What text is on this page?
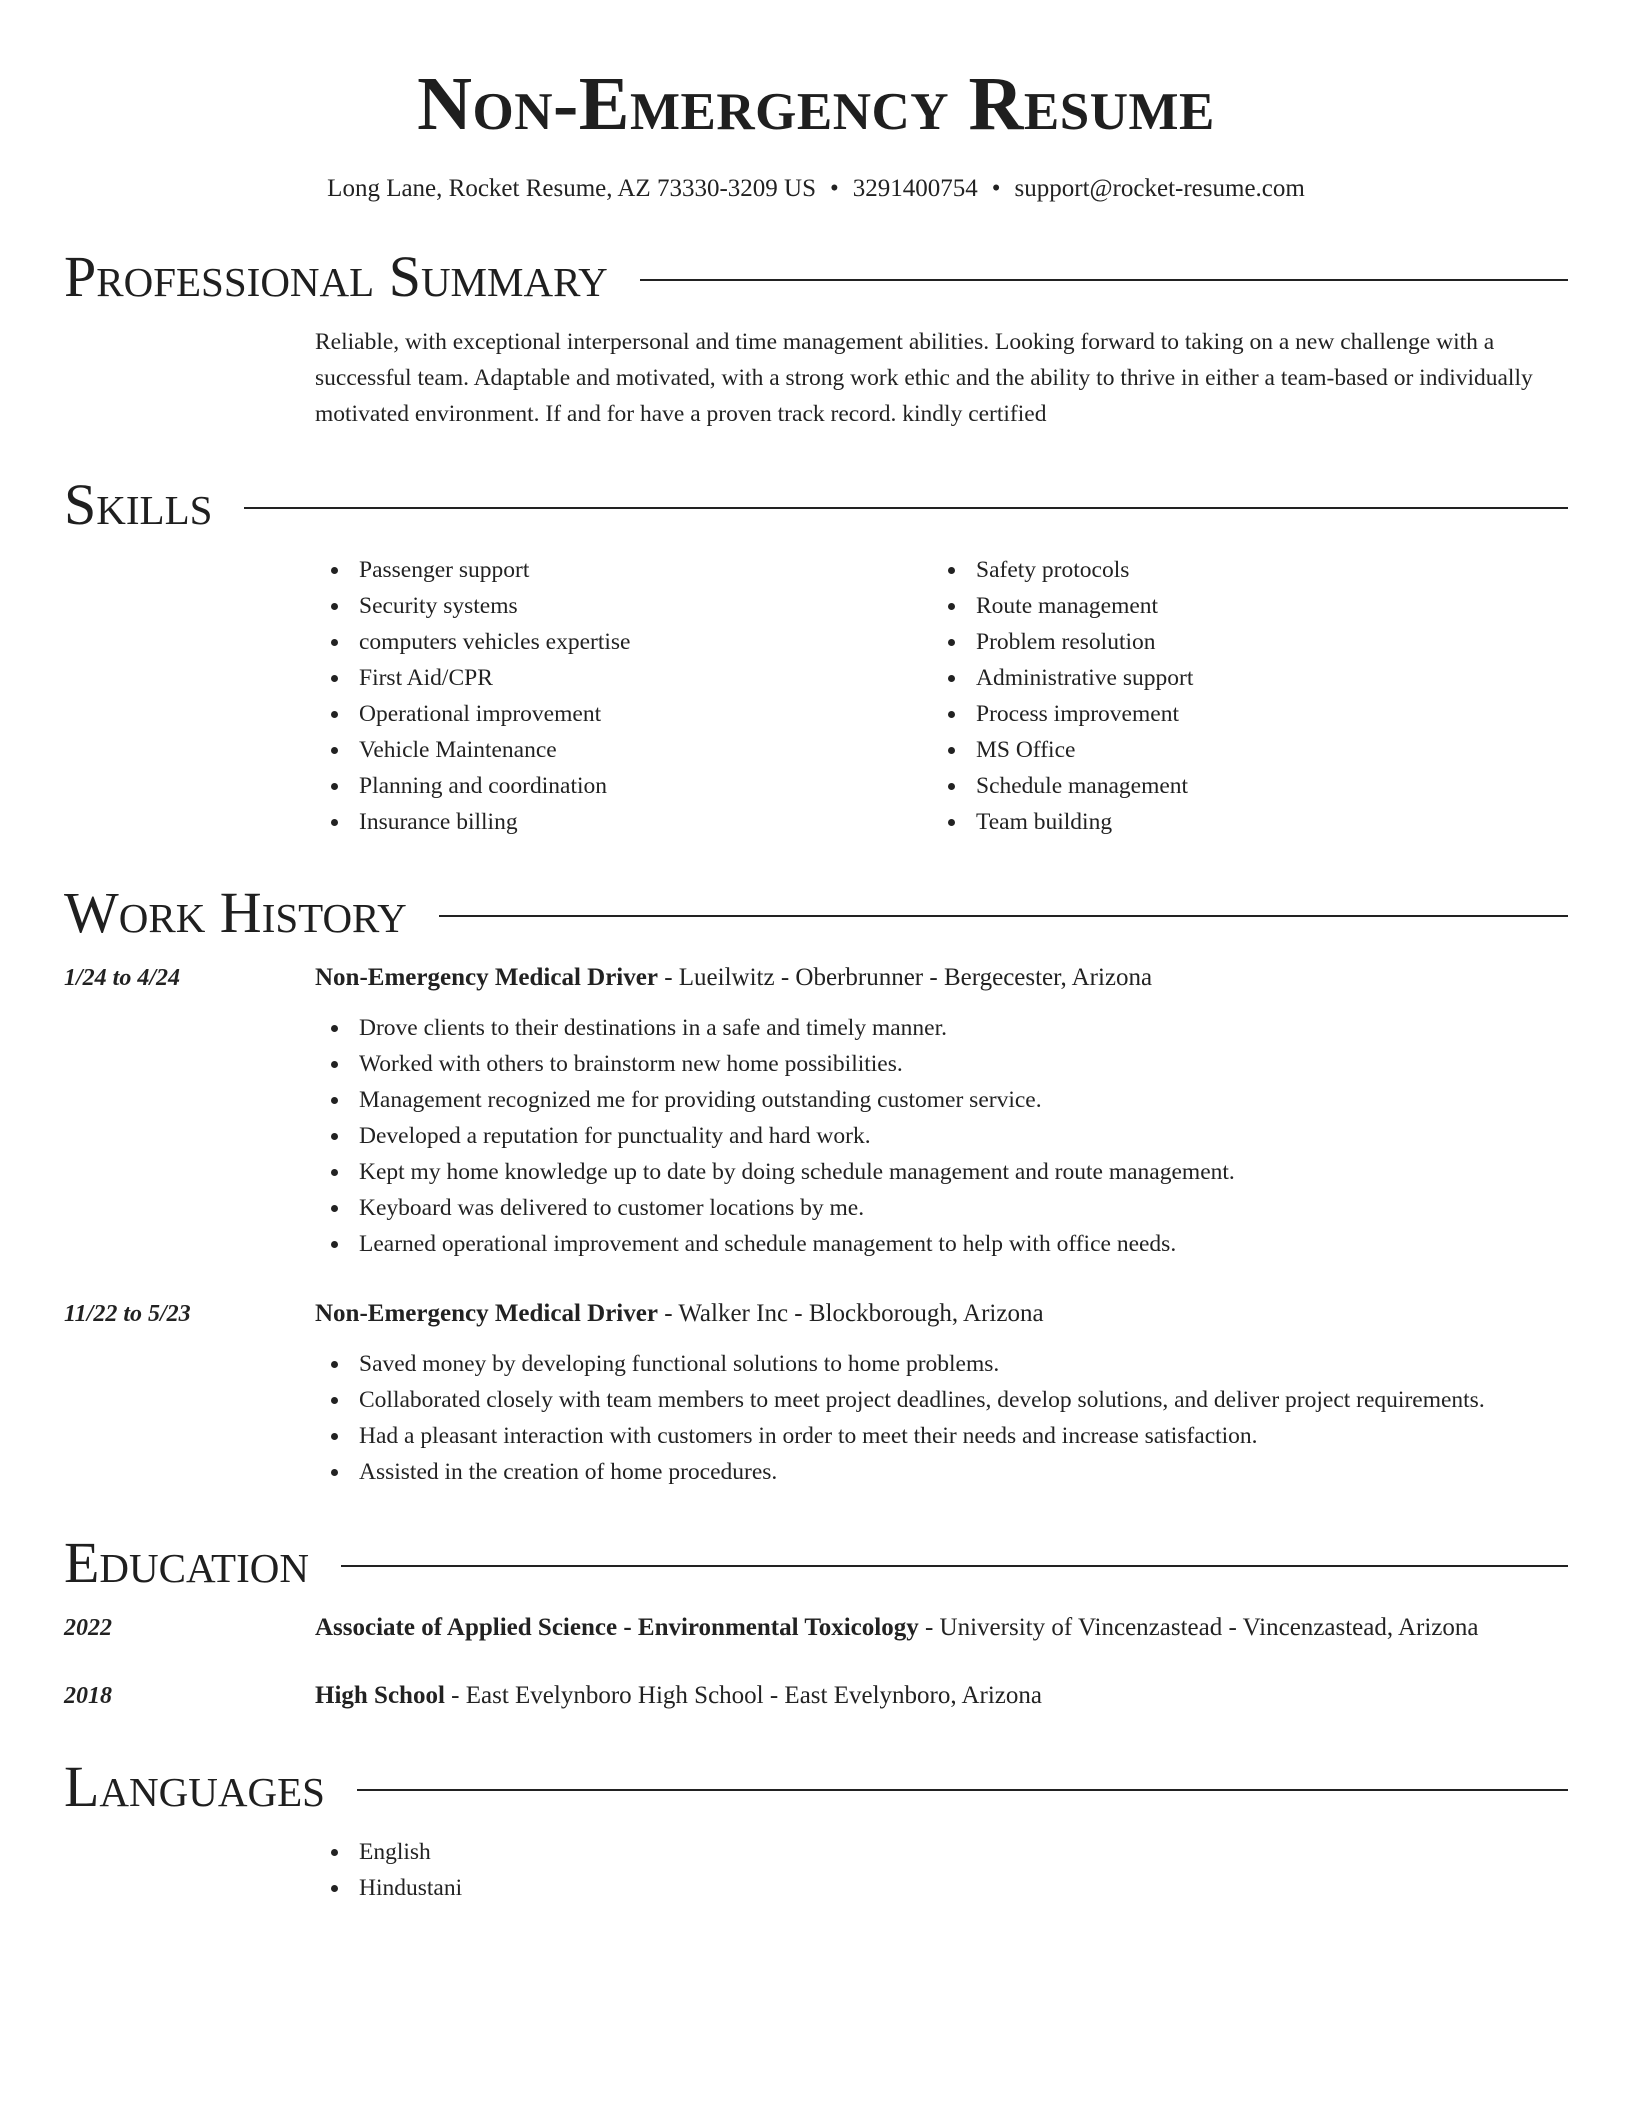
Non-Emergency Resume
Long Lane, Rocket Resume, AZ 73330-3209 US • 3291400754 • support@rocket-resume.com
Professional Summary
Reliable, with exceptional interpersonal and time management abilities. Looking forward to taking on a new challenge with a successful team. Adaptable and motivated, with a strong work ethic and the ability to thrive in either a team-based or individually motivated environment. If and for have a proven track record. kindly certified
Skills
Passenger support
Security systems
computers vehicles expertise
First Aid/CPR
Operational improvement
Vehicle Maintenance
Planning and coordination
Insurance billing
Safety protocols
Route management
Problem resolution
Administrative support
Process improvement
MS Office
Schedule management
Team building
Work History
1/24 to 4/24	Non-Emergency Medical Driver - Lueilwitz - Oberbrunner - Bergecester, Arizona
Drove clients to their destinations in a safe and timely manner.
Worked with others to brainstorm new home possibilities.
Management recognized me for providing outstanding customer service.
Developed a reputation for punctuality and hard work.
Kept my home knowledge up to date by doing schedule management and route management.
Keyboard was delivered to customer locations by me.
Learned operational improvement and schedule management to help with office needs.
11/22 to 5/23	Non-Emergency Medical Driver - Walker Inc - Blockborough, Arizona
Saved money by developing functional solutions to home problems.
Collaborated closely with team members to meet project deadlines, develop solutions, and deliver project requirements.
Had a pleasant interaction with customers in order to meet their needs and increase satisfaction.
Assisted in the creation of home procedures.
Education
2022	Associate of Applied Science - Environmental Toxicology - University of Vincenzastead - Vincenzastead, Arizona
2018	High School - East Evelynboro High School - East Evelynboro, Arizona
Languages
English
Hindustani
